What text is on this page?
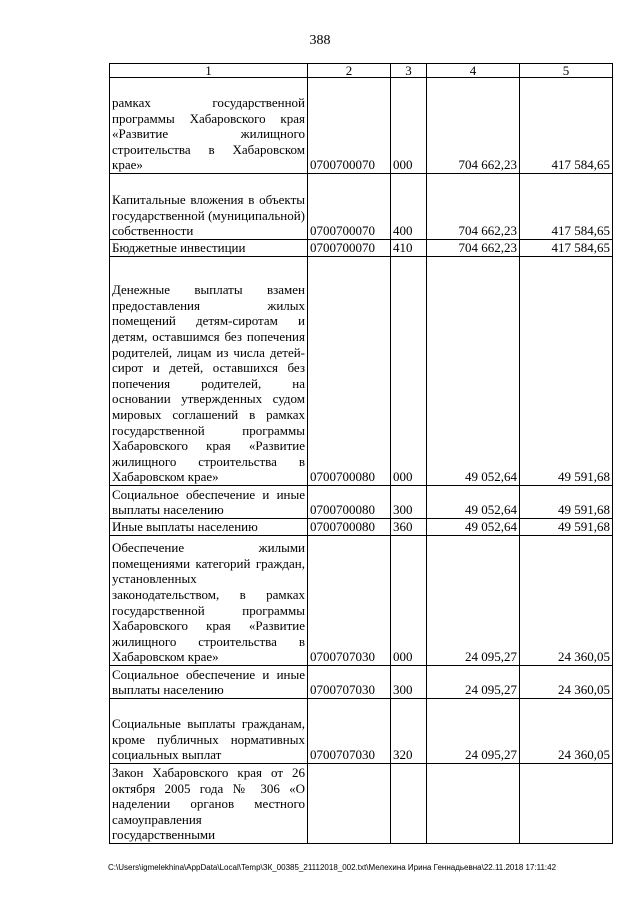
388
1	2	3	4	5
рамках государственной программы Хабаровского края «Развитие жилищного строительства в Хабаровском крае»	0700700070	000	704 662,23	417 584,65
Капитальные вложения в объекты государственной (муниципальной) собственности	0700700070	400	704 662,23	417 584,65
Бюджетные инвестиции	0700700070	410	704 662,23	417 584,65
Денежные выплаты взамен предоставления жилых помещений детям-сиротам и детям, оставшимся без попечения родителей, лицам из числа детей-сирот и детей, оставшихся без попечения родителей, на основании утвержденных судом мировых соглашений в рамках государственной программы Хабаровского края «Развитие жилищного строительства в Хабаровском крае»	0700700080	000	49 052,64	49 591,68
Социальное обеспечение и иные выплаты населению	0700700080	300	49 052,64	49 591,68
Иные выплаты населению	0700700080	360	49 052,64	49 591,68
Обеспечение жилыми помещениями категорий граждан, установленных законодательством, в рамках государственной программы Хабаровского края «Развитие жилищного строительства в Хабаровском крае»	0700707030	000	24 095,27	24 360,05
Социальное обеспечение и иные выплаты населению	0700707030	300	24 095,27	24 360,05
Социальные выплаты гражданам, кроме публичных нормативных социальных выплат	0700707030	320	24 095,27	24 360,05
Закон Хабаровского края от 26 октября 2005 года № 306 «О наделении органов местного самоуправления государственными				
C:\Users\igmelekhina\AppData\Local\Temp\ЗК_00385_21112018_002.txt\Мелехина Ирина Геннадьевна\22.11.2018 17:11:42
